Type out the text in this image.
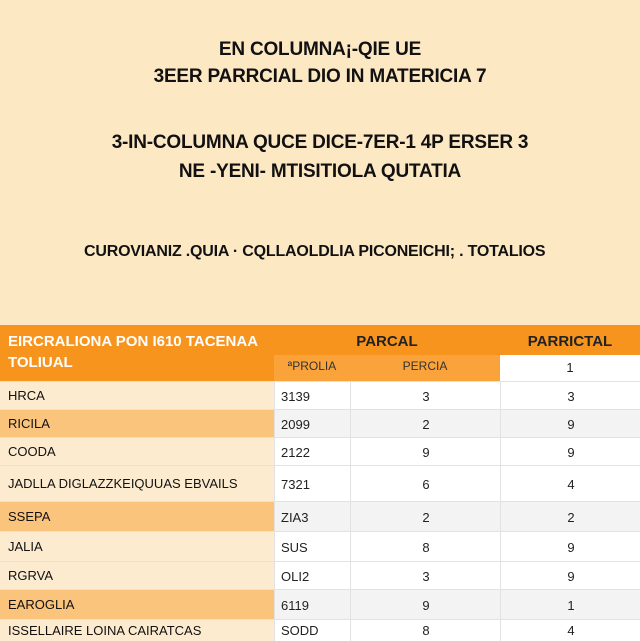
EN COLUMNA¡-QIE UE
3EER PARRCIAL DIO IN MATERICIA 7
3-IN-COLUMNA QUCE DICE-7ER-1 4P ERSER 3
NE -YENI- MTISITIOLA QUTATIA
CUROVIANIZ .QUIA · CQLLAOLDLIA PICONEICHI; . TOTALIOS
EIRCRALIONA PON I610 TACENAA TOLIUAL
PARCAL	PARRICTAL
ªPROLIA	PERCIA	1
HRCA	3139	3	3
RICILA	2099	2	9
COODA	2122	9	9
JADLLA DIGLAZZKEIQUUAS EBVAILS	7321	6	4
SSEPA	ZIA3	2	2
JALIA	SUS	8	9
RGRVA	OLI2	3	9
EAROGLIA	6119	9	1
ISSELLAIRE LOINA CAIRATCAS	SODD	8	4
